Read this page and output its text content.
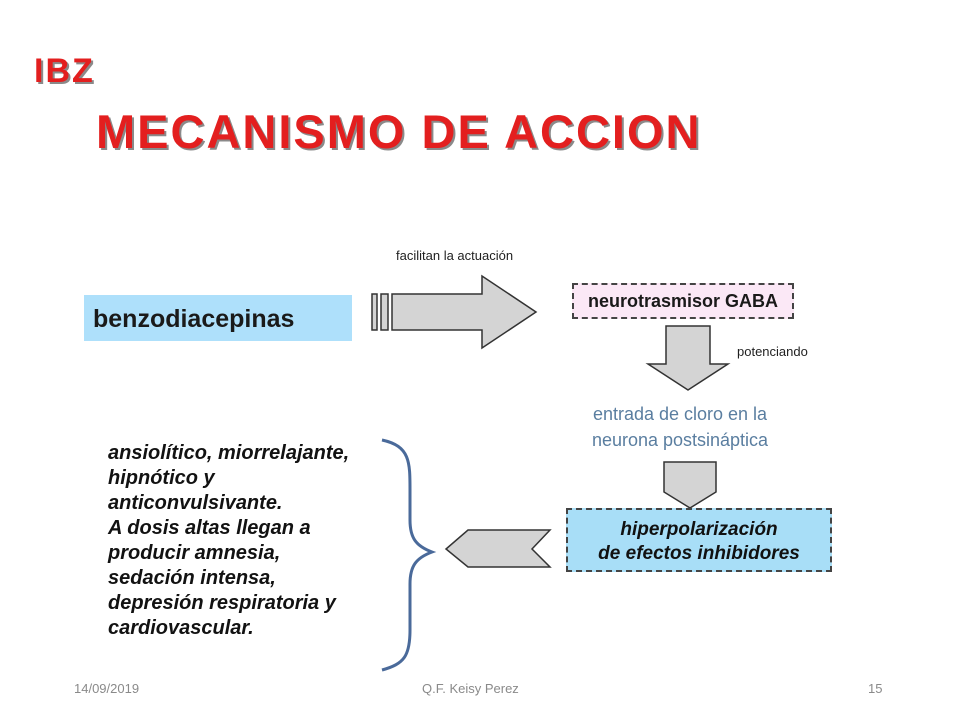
IBZ
MECANISMO DE ACCION
benzodiacepinas
facilitan la actuación
neurotrasmisor GABA
potenciando
entrada de cloro en la
neurona postsináptica
hiperpolarización
de efectos inhibidores
ansiolítico, miorrelajante,
hipnótico y
anticonvulsivante.
A dosis altas llegan a
producir amnesia,
sedación intensa,
depresión respiratoria y
cardiovascular.
14/09/2019	Q.F. Keisy Perez	15
